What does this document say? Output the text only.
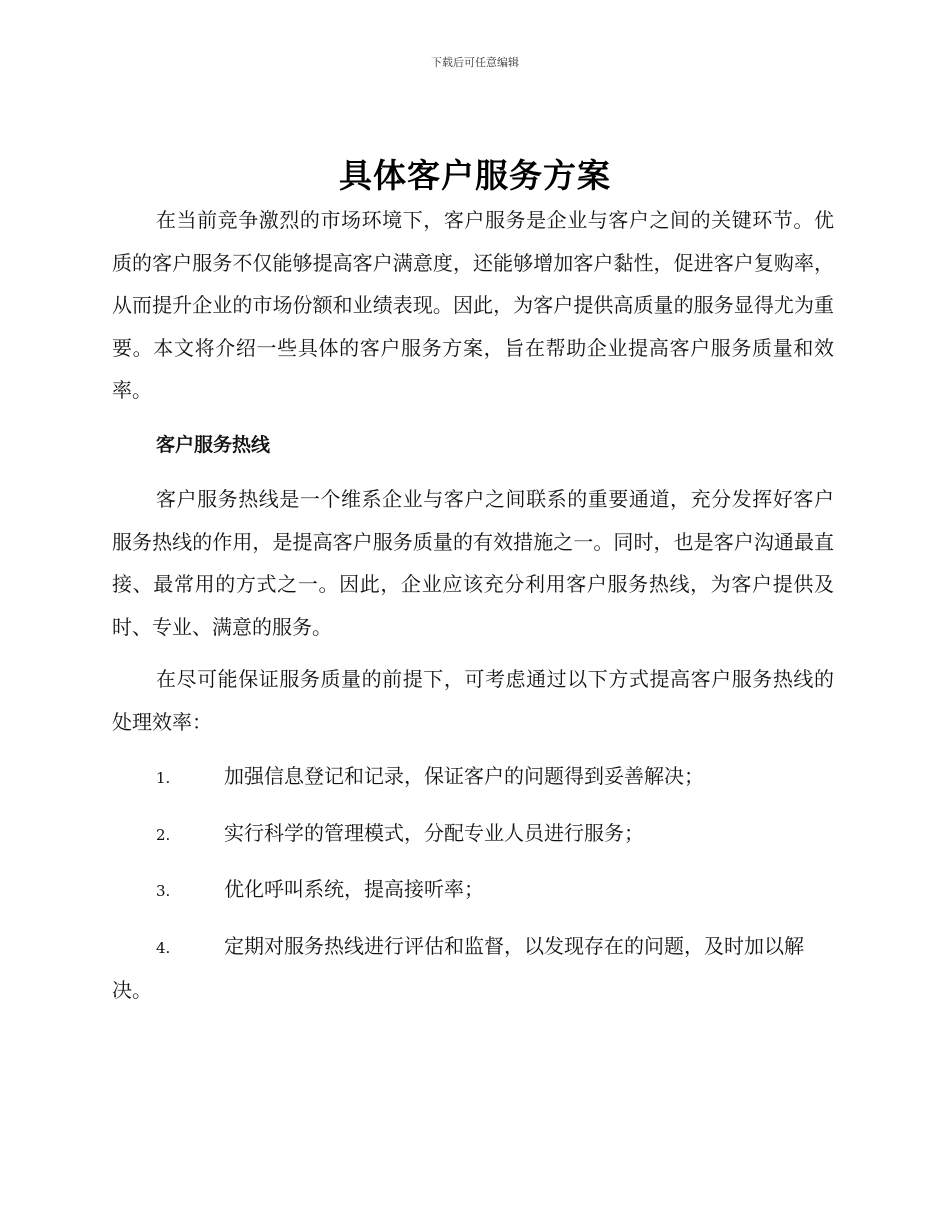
下载后可任意编辑
具体客户服务方案

在当前竞争激烈的市场环境下，客户服务是企业与客户之间的关键环节。优质的客户服务不仅能够提高客户满意度，还能够增加客户黏性，促进客户复购率，从而提升企业的市场份额和业绩表现。因此，为客户提供高质量的服务显得尤为重要。本文将介绍一些具体的客户服务方案，旨在帮助企业提高客户服务质量和效率。

客户服务热线

客户服务热线是一个维系企业与客户之间联系的重要通道，充分发挥好客户服务热线的作用，是提高客户服务质量的有效措施之一。同时，也是客户沟通最直接、最常用的方式之一。因此，企业应该充分利用客户服务热线，为客户提供及时、专业、满意的服务。

在尽可能保证服务质量的前提下，可考虑通过以下方式提高客户服务热线的处理效率：

1.	加强信息登记和记录，保证客户的问题得到妥善解决；

2.	实行科学的管理模式，分配专业人员进行服务；

3.	优化呼叫系统，提高接听率；

4.	定期对服务热线进行评估和监督，以发现存在的问题，及时加以解决。
